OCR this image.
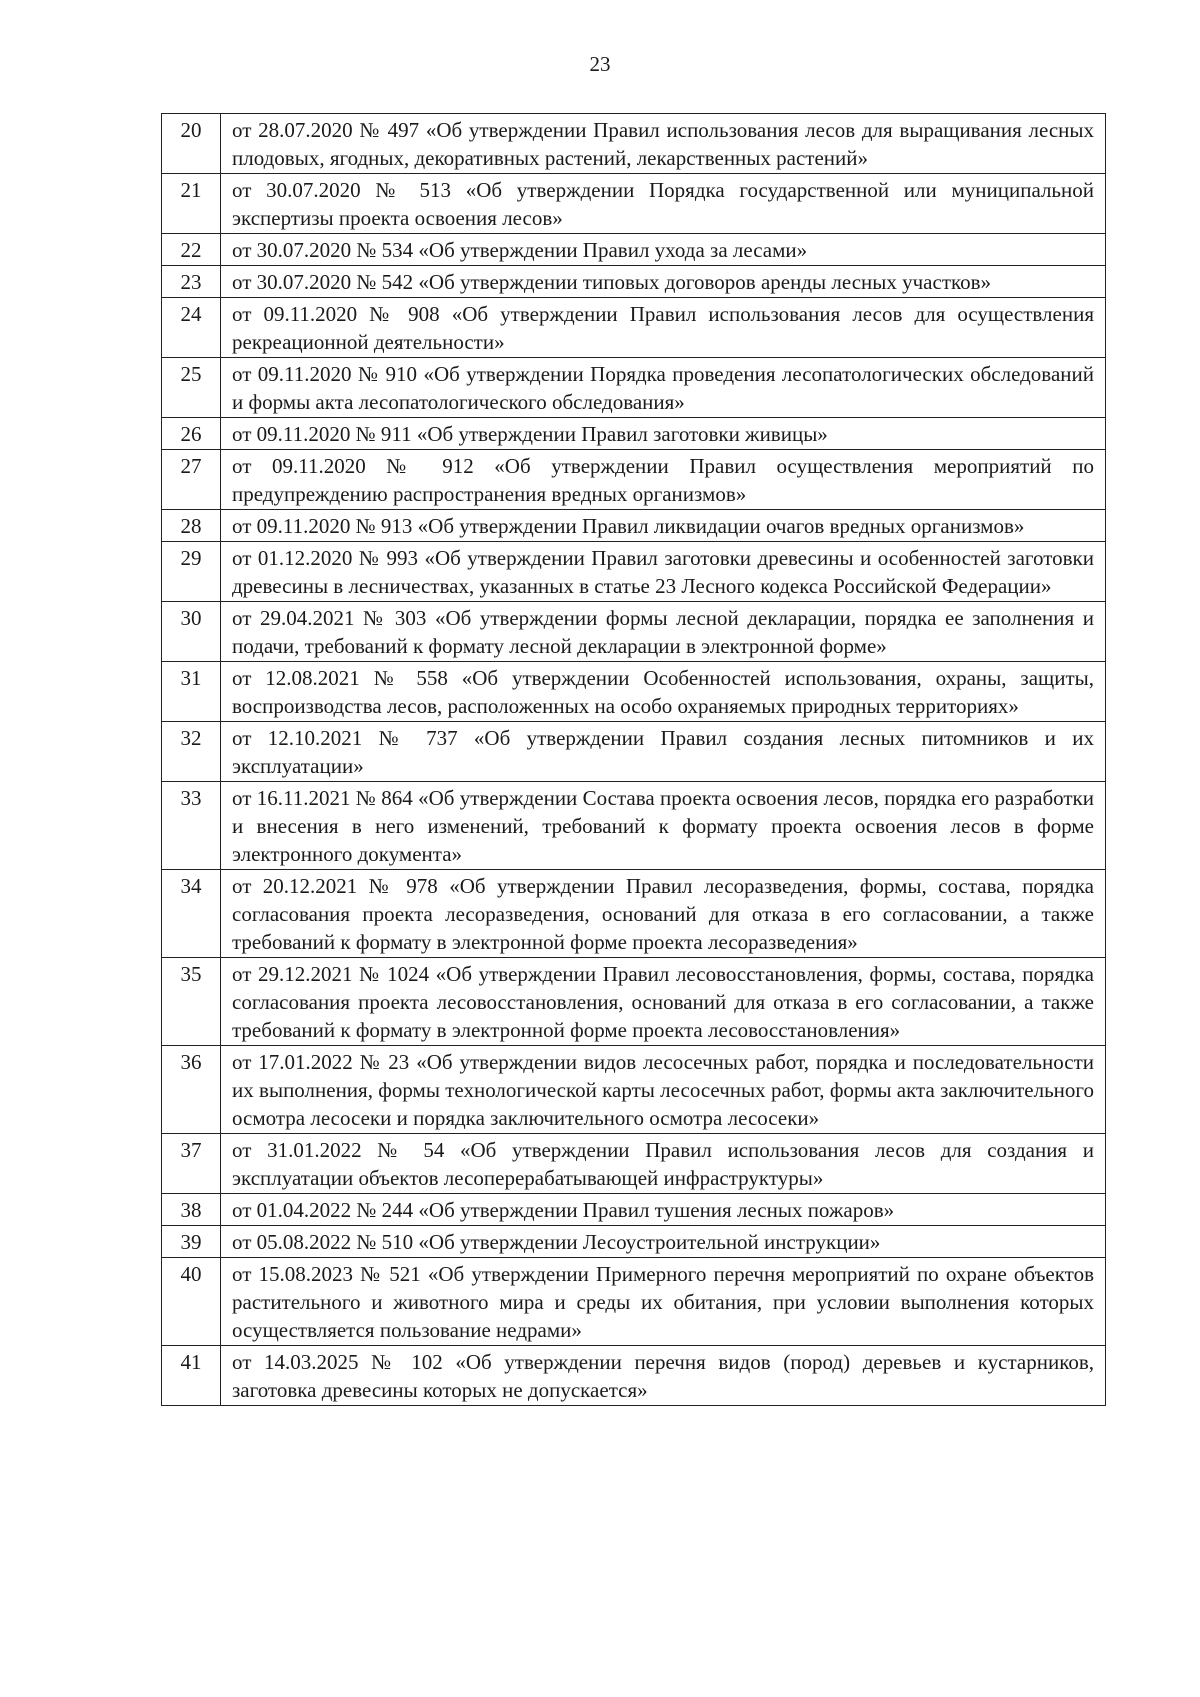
23
20	от 28.07.2020 № 497 «Об утверждении Правил использования лесов для выращивания лесных плодовых, ягодных, декоративных растений, лекарственных растений»
21	от 30.07.2020 № 513 «Об утверждении Порядка государственной или муниципальной экспертизы проекта освоения лесов»
22	от 30.07.2020 № 534 «Об утверждении Правил ухода за лесами»
23	от 30.07.2020 № 542 «Об утверждении типовых договоров аренды лесных участков»
24	от 09.11.2020 № 908 «Об утверждении Правил использования лесов для осуществления рекреационной деятельности»
25	от 09.11.2020 № 910 «Об утверждении Порядка проведения лесопатологических обследований и формы акта лесопатологического обследования»
26	от 09.11.2020 № 911 «Об утверждении Правил заготовки живицы»
27	от 09.11.2020 № 912 «Об утверждении Правил осуществления мероприятий по предупреждению распространения вредных организмов»
28	от 09.11.2020 № 913 «Об утверждении Правил ликвидации очагов вредных организмов»
29	от 01.12.2020 № 993 «Об утверждении Правил заготовки древесины и особенностей заготовки древесины в лесничествах, указанных в статье 23 Лесного кодекса Российской Федерации»
30	от 29.04.2021 № 303 «Об утверждении формы лесной декларации, порядка ее заполнения и подачи, требований к формату лесной декларации в электронной форме»
31	от 12.08.2021 № 558 «Об утверждении Особенностей использования, охраны, защиты, воспроизводства лесов, расположенных на особо охраняемых природных территориях»
32	от 12.10.2021 № 737 «Об утверждении Правил создания лесных питомников и их эксплуатации»
33	от 16.11.2021 № 864 «Об утверждении Состава проекта освоения лесов, порядка его разработки и внесения в него изменений, требований к формату проекта освоения лесов в форме электронного документа»
34	от 20.12.2021 № 978 «Об утверждении Правил лесоразведения, формы, состава, порядка согласования проекта лесоразведения, оснований для отказа в его согласовании, а также требований к формату в электронной форме проекта лесоразведения»
35	от 29.12.2021 № 1024 «Об утверждении Правил лесовосстановления, формы, состава, порядка согласования проекта лесовосстановления, оснований для отказа в его согласовании, а также требований к формату в электронной форме проекта лесовосстановления»
36	от 17.01.2022 № 23 «Об утверждении видов лесосечных работ, порядка и последовательности их выполнения, формы технологической карты лесосечных работ, формы акта заключительного осмотра лесосеки и порядка заключительного осмотра лесосеки»
37	от 31.01.2022 № 54 «Об утверждении Правил использования лесов для создания и эксплуатации объектов лесоперерабатывающей инфраструктуры»
38	от 01.04.2022 № 244 «Об утверждении Правил тушения лесных пожаров»
39	от 05.08.2022 № 510 «Об утверждении Лесоустроительной инструкции»
40	от 15.08.2023 № 521 «Об утверждении Примерного перечня мероприятий по охране объектов растительного и животного мира и среды их обитания, при условии выполнения которых осуществляется пользование недрами»
41	от 14.03.2025 № 102 «Об утверждении перечня видов (пород) деревьев и кустарников, заготовка древесины которых не допускается»
